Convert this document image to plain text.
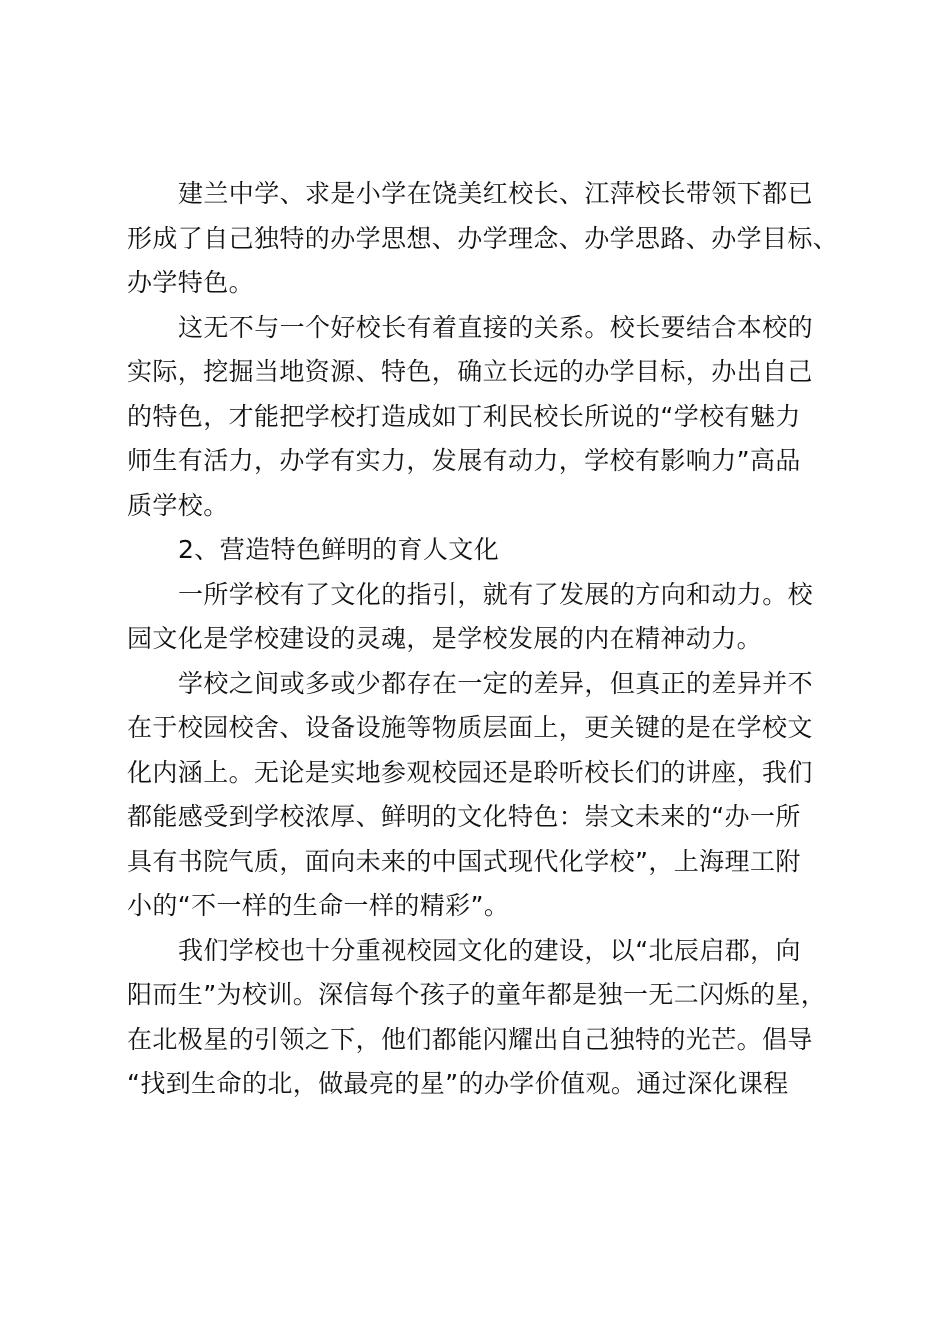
建兰中学、求是小学在饶美红校长、江萍校长带领下都已
形成了自己独特的办学思想、办学理念、办学思路、办学目标、
办学特色。
这无不与一个好校长有着直接的关系。校长要结合本校的
实际，挖掘当地资源、特色，确立长远的办学目标，办出自己
的特色，才能把学校打造成如丁利民校长所说的“学校有魅力
师生有活力，办学有实力，发展有动力，学校有影响力”高品
质学校。
2、营造特色鲜明的育人文化
一所学校有了文化的指引，就有了发展的方向和动力。校
园文化是学校建设的灵魂，是学校发展的内在精神动力。
学校之间或多或少都存在一定的差异，但真正的差异并不
在于校园校舍、设备设施等物质层面上，更关键的是在学校文
化内涵上。无论是实地参观校园还是聆听校长们的讲座，我们
都能感受到学校浓厚、鲜明的文化特色：崇文未来的“办一所
具有书院气质，面向未来的中国式现代化学校”，上海理工附
小的“不一样的生命一样的精彩”。
我们学校也十分重视校园文化的建设，以“北辰启郡，向
阳而生”为校训。深信每个孩子的童年都是独一无二闪烁的星，
在北极星的引领之下，他们都能闪耀出自己独特的光芒。倡导
“找到生命的北，做最亮的星”的办学价值观。通过深化课程
